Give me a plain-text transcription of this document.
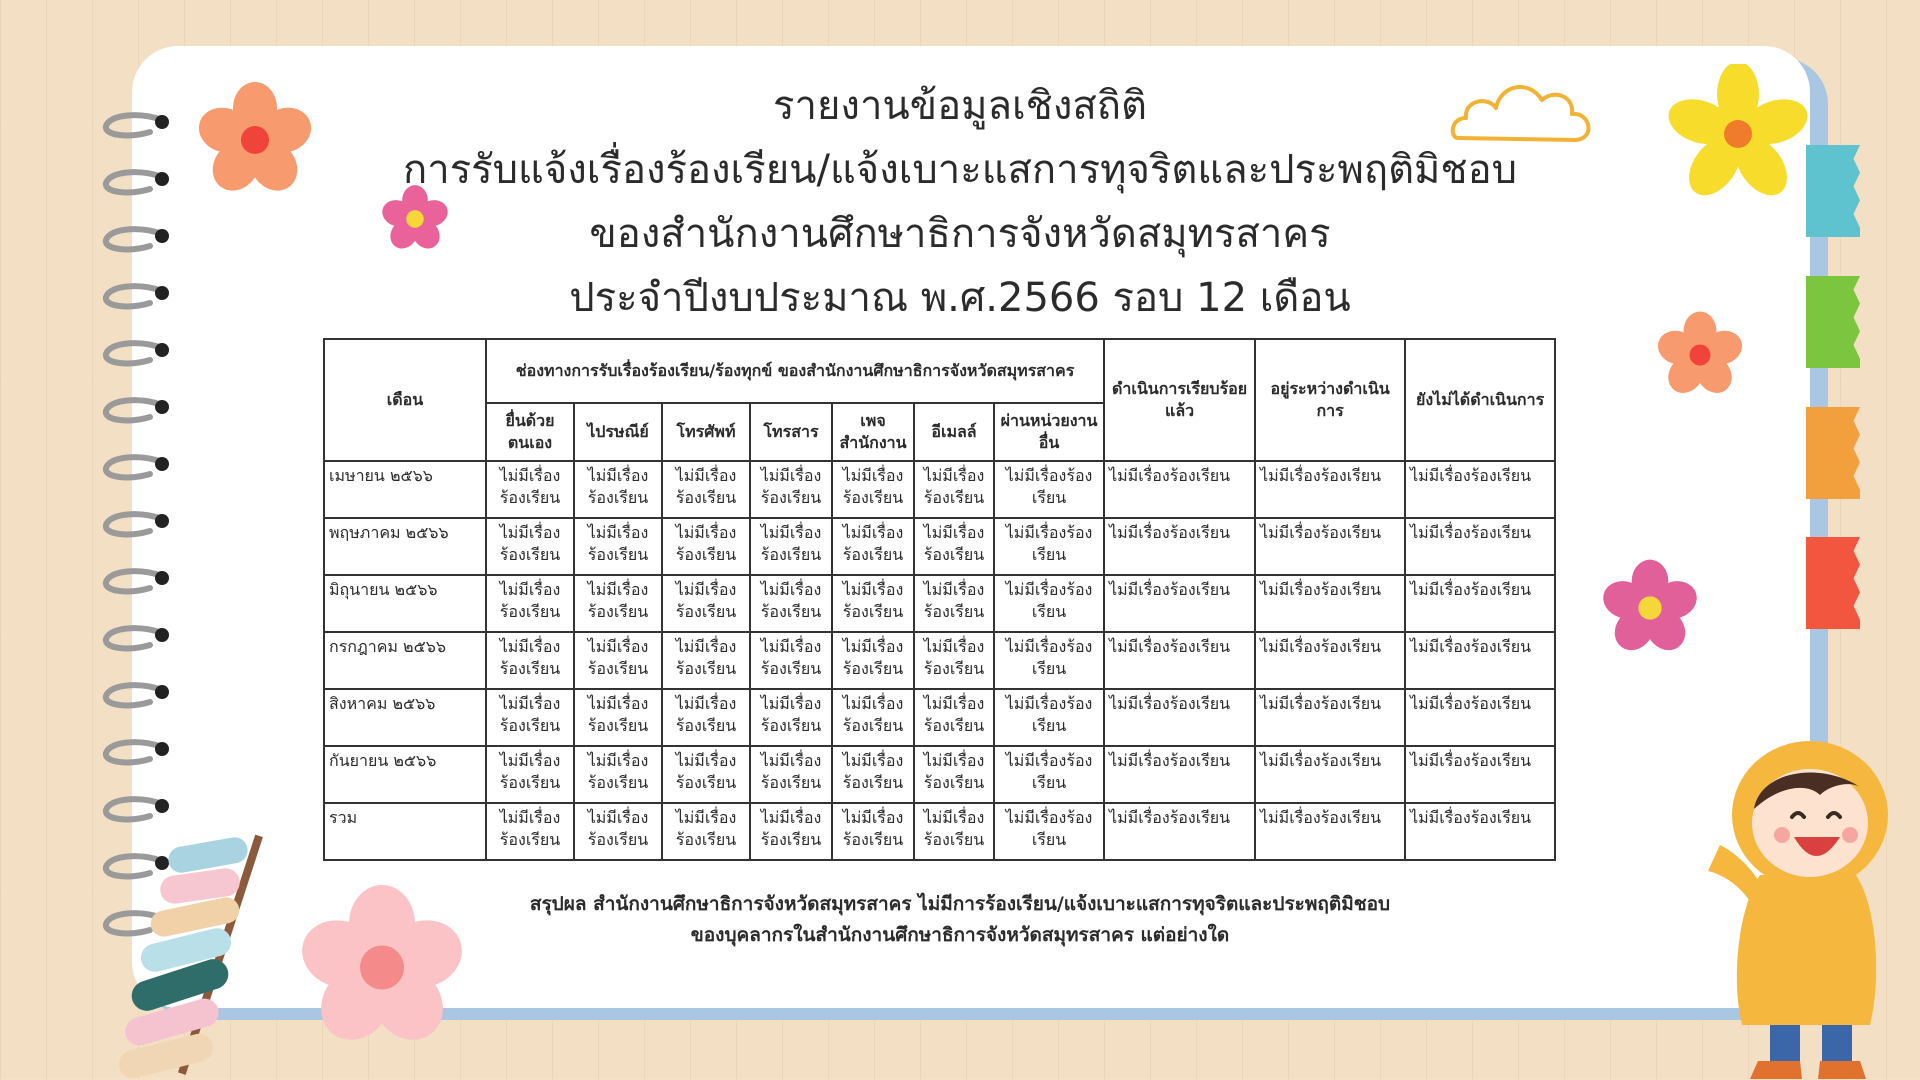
รายงานข้อมูลเชิงสถิติ
การรับแจ้งเรื่องร้องเรียน/แจ้งเบาะแสการทุจริตและประพฤติมิชอบ
ของสำนักงานศึกษาธิการจังหวัดสมุทรสาคร
ประจำปีงบประมาณ พ.ศ.2566 รอบ 12 เดือน
เดือน	ช่องทางการรับเรื่องร้องเรียน/ร้องทุกข์ ของสำนักงานศึกษาธิการจังหวัดสมุทรสาคร							ดำเนินการเรียบร้อยแล้ว	อยู่ระหว่างดำเนินการ	ยังไม่ได้ดำเนินการ
	ยื่นด้วยตนเอง	ไปรษณีย์	โทรศัพท์	โทรสาร	เพจสำนักงาน	อีเมลล์	ผ่านหน่วยงานอื่น			
เมษายน ๒๕๖๖	ไม่มีเรื่องร้องเรียน	ไม่มีเรื่องร้องเรียน	ไม่มีเรื่องร้องเรียน	ไม่มีเรื่องร้องเรียน	ไม่มีเรื่องร้องเรียน	ไม่มีเรื่องร้องเรียน	ไม่มีเรื่องร้องเรียน	ไม่มีเรื่องร้องเรียน	ไม่มีเรื่องร้องเรียน	ไม่มีเรื่องร้องเรียน
พฤษภาคม ๒๕๖๖	ไม่มีเรื่องร้องเรียน	ไม่มีเรื่องร้องเรียน	ไม่มีเรื่องร้องเรียน	ไม่มีเรื่องร้องเรียน	ไม่มีเรื่องร้องเรียน	ไม่มีเรื่องร้องเรียน	ไม่มีเรื่องร้องเรียน	ไม่มีเรื่องร้องเรียน	ไม่มีเรื่องร้องเรียน	ไม่มีเรื่องร้องเรียน
มิถุนายน ๒๕๖๖	ไม่มีเรื่องร้องเรียน	ไม่มีเรื่องร้องเรียน	ไม่มีเรื่องร้องเรียน	ไม่มีเรื่องร้องเรียน	ไม่มีเรื่องร้องเรียน	ไม่มีเรื่องร้องเรียน	ไม่มีเรื่องร้องเรียน	ไม่มีเรื่องร้องเรียน	ไม่มีเรื่องร้องเรียน	ไม่มีเรื่องร้องเรียน
กรกฎาคม ๒๕๖๖	ไม่มีเรื่องร้องเรียน	ไม่มีเรื่องร้องเรียน	ไม่มีเรื่องร้องเรียน	ไม่มีเรื่องร้องเรียน	ไม่มีเรื่องร้องเรียน	ไม่มีเรื่องร้องเรียน	ไม่มีเรื่องร้องเรียน	ไม่มีเรื่องร้องเรียน	ไม่มีเรื่องร้องเรียน	ไม่มีเรื่องร้องเรียน
สิงหาคม ๒๕๖๖	ไม่มีเรื่องร้องเรียน	ไม่มีเรื่องร้องเรียน	ไม่มีเรื่องร้องเรียน	ไม่มีเรื่องร้องเรียน	ไม่มีเรื่องร้องเรียน	ไม่มีเรื่องร้องเรียน	ไม่มีเรื่องร้องเรียน	ไม่มีเรื่องร้องเรียน	ไม่มีเรื่องร้องเรียน	ไม่มีเรื่องร้องเรียน
กันยายน ๒๕๖๖	ไม่มีเรื่องร้องเรียน	ไม่มีเรื่องร้องเรียน	ไม่มีเรื่องร้องเรียน	ไม่มีเรื่องร้องเรียน	ไม่มีเรื่องร้องเรียน	ไม่มีเรื่องร้องเรียน	ไม่มีเรื่องร้องเรียน	ไม่มีเรื่องร้องเรียน	ไม่มีเรื่องร้องเรียน	ไม่มีเรื่องร้องเรียน
รวม	ไม่มีเรื่องร้องเรียน	ไม่มีเรื่องร้องเรียน	ไม่มีเรื่องร้องเรียน	ไม่มีเรื่องร้องเรียน	ไม่มีเรื่องร้องเรียน	ไม่มีเรื่องร้องเรียน	ไม่มีเรื่องร้องเรียน	ไม่มีเรื่องร้องเรียน	ไม่มีเรื่องร้องเรียน	ไม่มีเรื่องร้องเรียน
สรุปผล สำนักงานศึกษาธิการจังหวัดสมุทรสาคร ไม่มีการร้องเรียน/แจ้งเบาะแสการทุจริตและประพฤติมิชอบ
ของบุคลากรในสำนักงานศึกษาธิการจังหวัดสมุทรสาคร แต่อย่างใด
